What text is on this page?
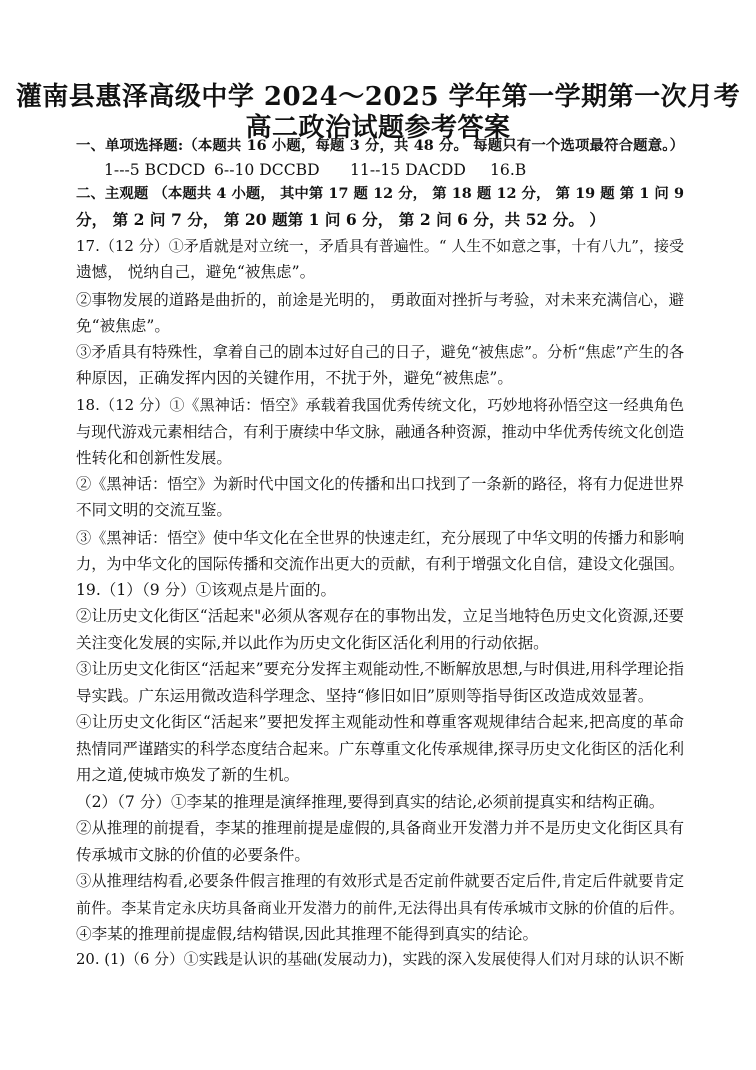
灌南县惠泽高级中学 2024～2025 学年第一学期第一次月考
高二政治试题参考答案
一、单项选择题:（本题共 16 小题，每题 3 分，共 48 分。 每题只有一个选项最符合题意。）
1---5 BCDCD 6--10 DCCBD 11--15 DACDD 16.B
二、主观题 （本题共 4 小题， 其中第 17 题 12 分， 第 18 题 12 分， 第 19 题 第 1 问 9
分， 第 2 问 7 分， 第 20 题第 1 问 6 分， 第 2 问 6 分，共 52 分。 ）
17.（12 分）①矛盾就是对立统一，矛盾具有普遍性。“ 人生不如意之事，十有八九”，接受
遗憾， 悦纳自己，避免“被焦虑”。
②事物发展的道路是曲折的，前途是光明的， 勇敢面对挫折与考验，对未来充满信心，避
免“被焦虑”。
③矛盾具有特殊性，拿着自己的剧本过好自己的日子，避免“被焦虑”。分析“焦虑”产生的各
种原因，正确发挥内因的关键作用，不扰于外，避免“被焦虑”。
18.（12 分）①《黑神话：悟空》承载着我国优秀传统文化，巧妙地将孙悟空这一经典角色
与现代游戏元素相结合，有利于赓续中华文脉，融通各种资源，推动中华优秀传统文化创造
性转化和创新性发展。
②《黑神话：悟空》为新时代中国文化的传播和出口找到了一条新的路径，将有力促进世界
不同文明的交流互鉴。
③《黑神话：悟空》使中华文化在全世界的快速走红，充分展现了中华文明的传播力和影响
力，为中华文化的国际传播和交流作出更大的贡献，有利于增强文化自信，建设文化强国。
19.（1）（9 分）①该观点是片面的。
②让历史文化街区“活起来"必须从客观存在的事物出发，立足当地特色历史文化资源,还要
关注变化发展的实际,并以此作为历史文化街区活化利用的行动依据。
③让历史文化街区“活起来”要充分发挥主观能动性,不断解放思想,与时俱进,用科学理论指
导实践。广东运用微改造科学理念、坚持“修旧如旧”原则等指导街区改造成效显著。
④让历史文化街区“活起来”要把发挥主观能动性和尊重客观规律结合起来,把高度的革命
热情同严谨踏实的科学态度结合起来。广东尊重文化传承规律,探寻历史文化街区的活化利
用之道,使城市焕发了新的生机。
（2）（7 分）①李某的推理是演绎推理,要得到真实的结论,必须前提真实和结构正确。
②从推理的前提看，李某的推理前提是虚假的,具备商业开发潜力并不是历史文化街区具有
传承城市文脉的价值的必要条件。
③从推理结构看,必要条件假言推理的有效形式是否定前件就要否定后件,肯定后件就要肯定
前件。李某肯定永庆坊具备商业开发潜力的前件,无法得出具有传承城市文脉的价值的后件。
④李某的推理前提虚假,结构错误,因此其推理不能得到真实的结论。
20. (1)（6 分）①实践是认识的基础(发展动力)，实践的深入发展使得人们对月球的认识不断
